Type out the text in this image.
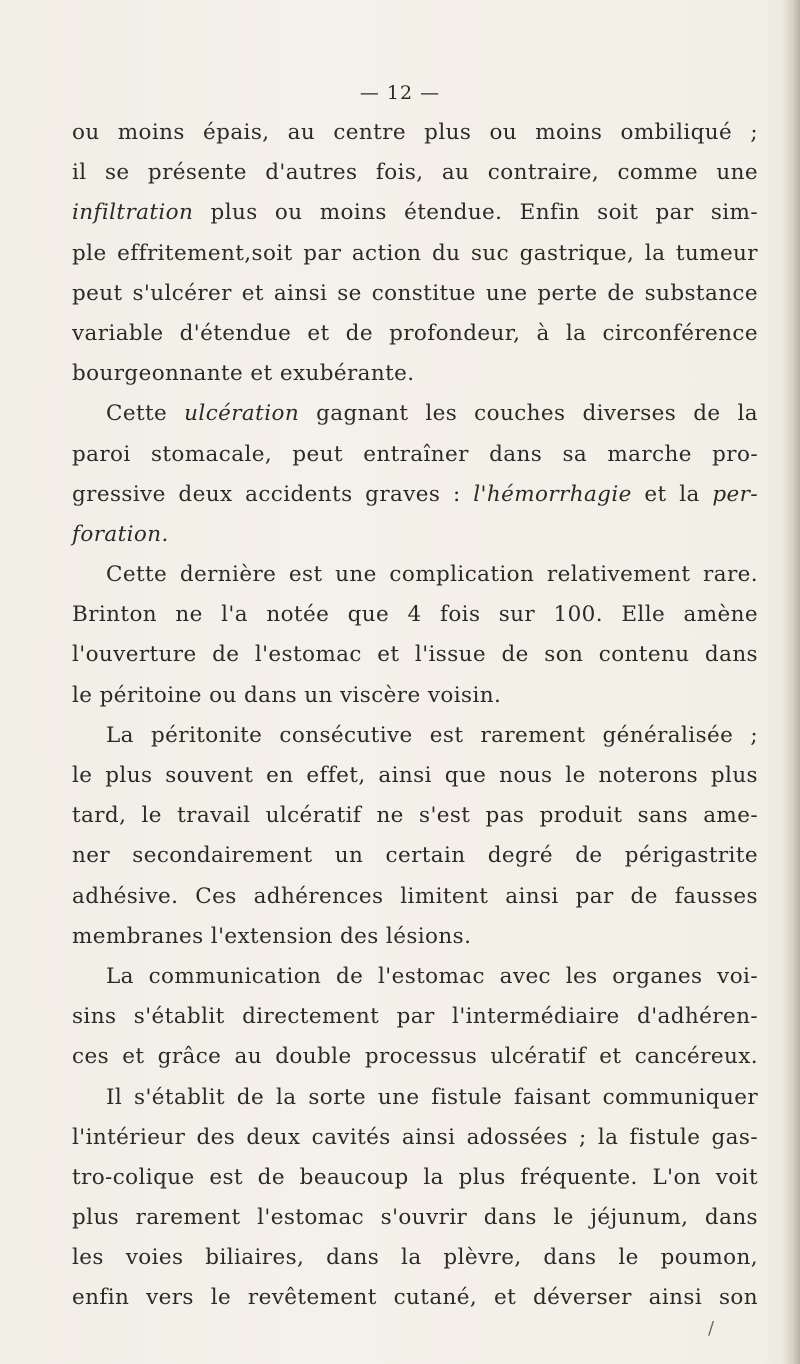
— 12 —
ou moins épais, au centre plus ou moins ombiliqué ;
il se présente d'autres fois, au contraire, comme une
infiltration plus ou moins étendue. Enfin soit par sim-
ple effritement,soit par action du suc gastrique, la tumeur
peut s'ulcérer et ainsi se constitue une perte de substance
variable d'étendue et de profondeur, à la circonférence
bourgeonnante et exubérante.
Cette ulcération gagnant les couches diverses de la
paroi stomacale, peut entraîner dans sa marche pro-
gressive deux accidents graves : l'hémorrhagie et la per-
foration.
Cette dernière est une complication relativement rare.
Brinton ne l'a notée que 4 fois sur 100. Elle amène
l'ouverture de l'estomac et l'issue de son contenu dans
le péritoine ou dans un viscère voisin.
La péritonite consécutive est rarement généralisée ;
le plus souvent en effet, ainsi que nous le noterons plus
tard, le travail ulcératif ne s'est pas produit sans ame-
ner secondairement un certain degré de périgastrite
adhésive. Ces adhérences limitent ainsi par de fausses
membranes l'extension des lésions.
La communication de l'estomac avec les organes voi-
sins s'établit directement par l'intermédiaire d'adhéren-
ces et grâce au double processus ulcératif et cancéreux.
Il s'établit de la sorte une fistule faisant communiquer
l'intérieur des deux cavités ainsi adossées ; la fistule gas-
tro-colique est de beaucoup la plus fréquente. L'on voit
plus rarement l'estomac s'ouvrir dans le jéjunum, dans
les voies biliaires, dans la plèvre, dans le poumon,
enfin vers le revêtement cutané, et déverser ainsi son
/
